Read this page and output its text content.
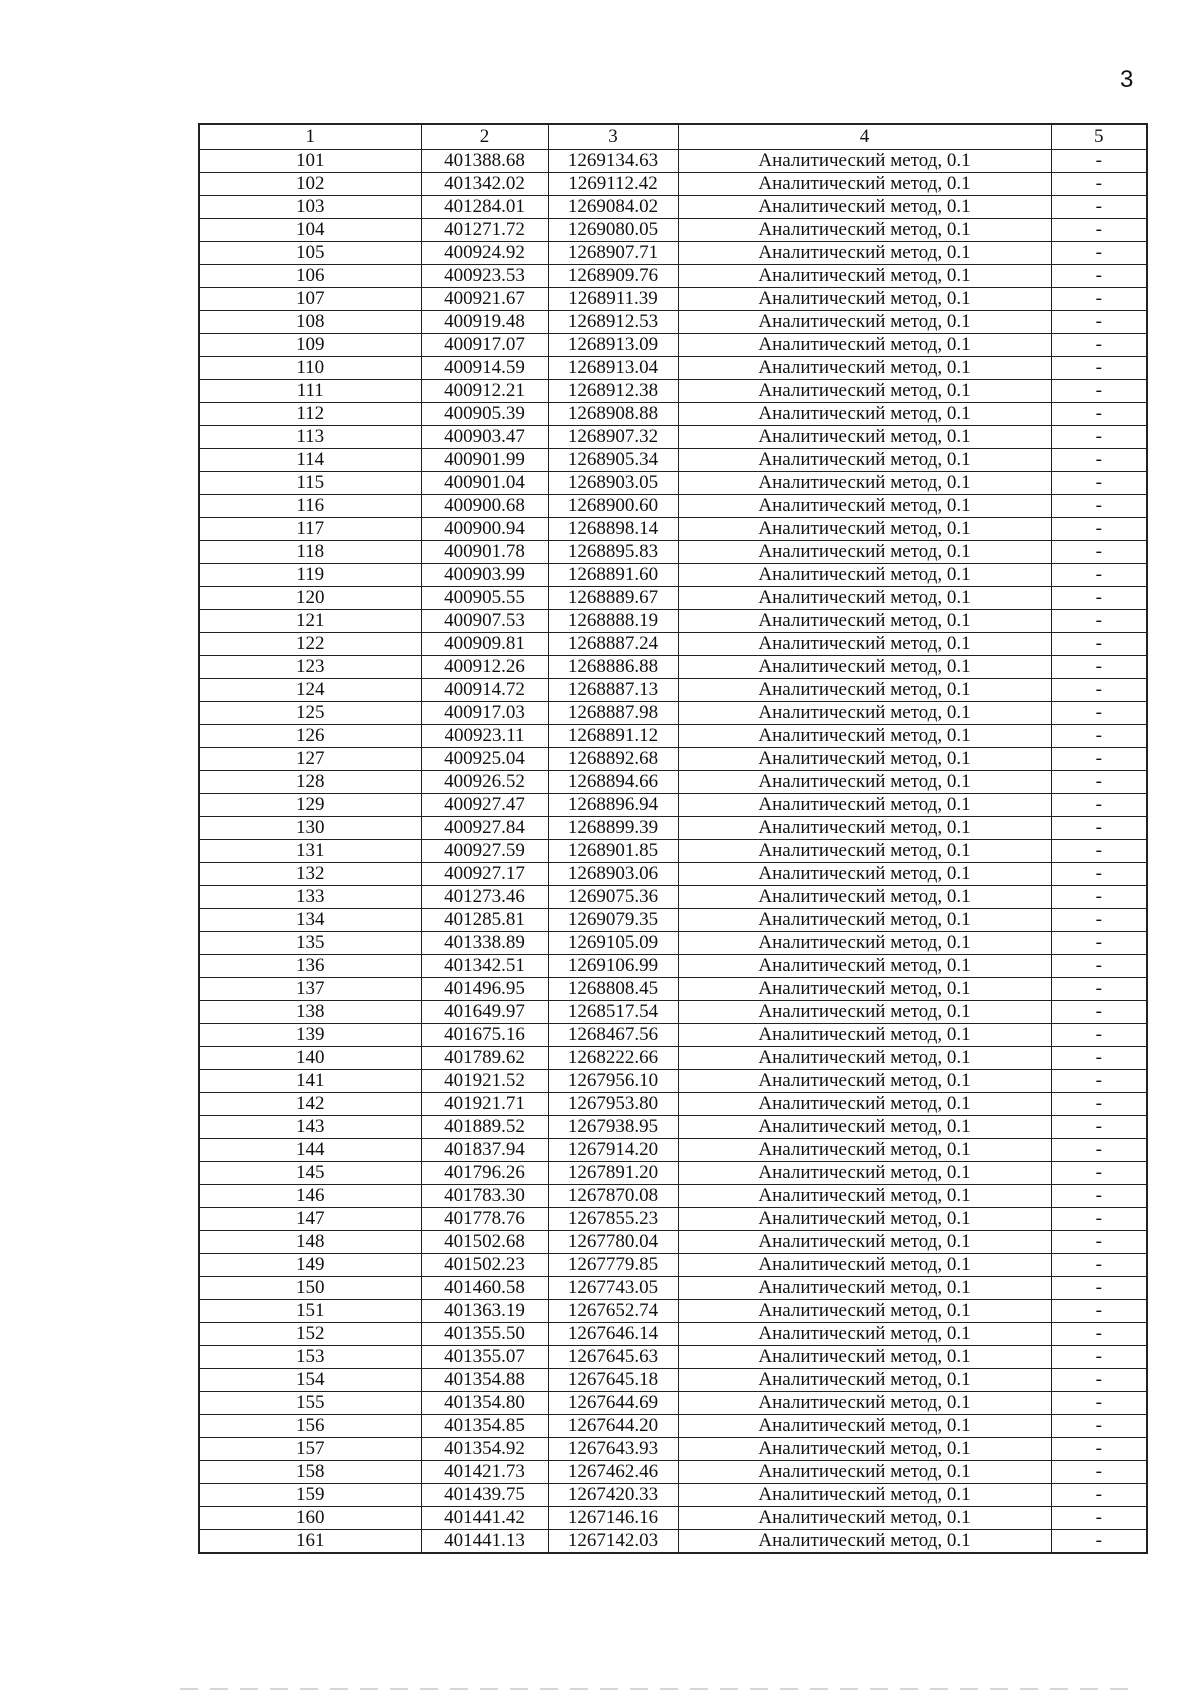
3
1	2	3	4	5
101	401388.68	1269134.63	Аналитический метод, 0.1	-
102	401342.02	1269112.42	Аналитический метод, 0.1	-
103	401284.01	1269084.02	Аналитический метод, 0.1	-
104	401271.72	1269080.05	Аналитический метод, 0.1	-
105	400924.92	1268907.71	Аналитический метод, 0.1	-
106	400923.53	1268909.76	Аналитический метод, 0.1	-
107	400921.67	1268911.39	Аналитический метод, 0.1	-
108	400919.48	1268912.53	Аналитический метод, 0.1	-
109	400917.07	1268913.09	Аналитический метод, 0.1	-
110	400914.59	1268913.04	Аналитический метод, 0.1	-
111	400912.21	1268912.38	Аналитический метод, 0.1	-
112	400905.39	1268908.88	Аналитический метод, 0.1	-
113	400903.47	1268907.32	Аналитический метод, 0.1	-
114	400901.99	1268905.34	Аналитический метод, 0.1	-
115	400901.04	1268903.05	Аналитический метод, 0.1	-
116	400900.68	1268900.60	Аналитический метод, 0.1	-
117	400900.94	1268898.14	Аналитический метод, 0.1	-
118	400901.78	1268895.83	Аналитический метод, 0.1	-
119	400903.99	1268891.60	Аналитический метод, 0.1	-
120	400905.55	1268889.67	Аналитический метод, 0.1	-
121	400907.53	1268888.19	Аналитический метод, 0.1	-
122	400909.81	1268887.24	Аналитический метод, 0.1	-
123	400912.26	1268886.88	Аналитический метод, 0.1	-
124	400914.72	1268887.13	Аналитический метод, 0.1	-
125	400917.03	1268887.98	Аналитический метод, 0.1	-
126	400923.11	1268891.12	Аналитический метод, 0.1	-
127	400925.04	1268892.68	Аналитический метод, 0.1	-
128	400926.52	1268894.66	Аналитический метод, 0.1	-
129	400927.47	1268896.94	Аналитический метод, 0.1	-
130	400927.84	1268899.39	Аналитический метод, 0.1	-
131	400927.59	1268901.85	Аналитический метод, 0.1	-
132	400927.17	1268903.06	Аналитический метод, 0.1	-
133	401273.46	1269075.36	Аналитический метод, 0.1	-
134	401285.81	1269079.35	Аналитический метод, 0.1	-
135	401338.89	1269105.09	Аналитический метод, 0.1	-
136	401342.51	1269106.99	Аналитический метод, 0.1	-
137	401496.95	1268808.45	Аналитический метод, 0.1	-
138	401649.97	1268517.54	Аналитический метод, 0.1	-
139	401675.16	1268467.56	Аналитический метод, 0.1	-
140	401789.62	1268222.66	Аналитический метод, 0.1	-
141	401921.52	1267956.10	Аналитический метод, 0.1	-
142	401921.71	1267953.80	Аналитический метод, 0.1	-
143	401889.52	1267938.95	Аналитический метод, 0.1	-
144	401837.94	1267914.20	Аналитический метод, 0.1	-
145	401796.26	1267891.20	Аналитический метод, 0.1	-
146	401783.30	1267870.08	Аналитический метод, 0.1	-
147	401778.76	1267855.23	Аналитический метод, 0.1	-
148	401502.68	1267780.04	Аналитический метод, 0.1	-
149	401502.23	1267779.85	Аналитический метод, 0.1	-
150	401460.58	1267743.05	Аналитический метод, 0.1	-
151	401363.19	1267652.74	Аналитический метод, 0.1	-
152	401355.50	1267646.14	Аналитический метод, 0.1	-
153	401355.07	1267645.63	Аналитический метод, 0.1	-
154	401354.88	1267645.18	Аналитический метод, 0.1	-
155	401354.80	1267644.69	Аналитический метод, 0.1	-
156	401354.85	1267644.20	Аналитический метод, 0.1	-
157	401354.92	1267643.93	Аналитический метод, 0.1	-
158	401421.73	1267462.46	Аналитический метод, 0.1	-
159	401439.75	1267420.33	Аналитический метод, 0.1	-
160	401441.42	1267146.16	Аналитический метод, 0.1	-
161	401441.13	1267142.03	Аналитический метод, 0.1	-
